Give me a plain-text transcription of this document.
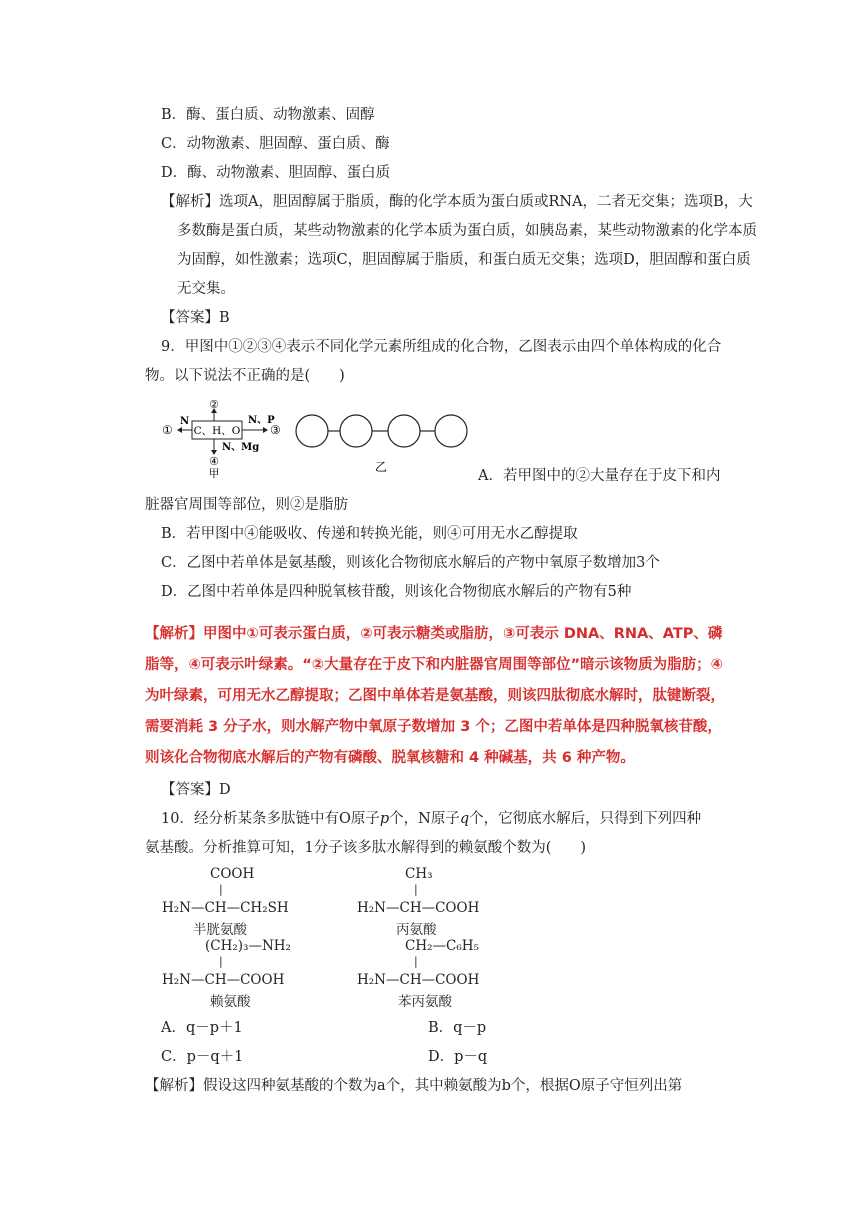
B．酶、蛋白质、动物激素、固醇
C．动物激素、胆固醇、蛋白质、酶
D．酶、动物激素、胆固醇、蛋白质
【解析】选项A，胆固醇属于脂质，酶的化学本质为蛋白质或RNA，二者无交集；选项B，大多数酶是蛋白质，某些动物激素的化学本质为蛋白质，如胰岛素，某些动物激素的化学本质为固醇，如性激素；选项C，胆固醇属于脂质，和蛋白质无交集；选项D，胆固醇和蛋白质无交集。
【答案】B
9．甲图中①②③④表示不同化学元素所组成的化合物，乙图表示由四个单体构成的化合物。以下说法不正确的是(　　)
C、H、O
②
N
①
N、P
③
N、Mg
④
甲	乙
A．若甲图中的②大量存在于皮下和内
脏器官周围等部位，则②是脂肪
B．若甲图中④能吸收、传递和转换光能，则④可用无水乙醇提取
C．乙图中若单体是氨基酸，则该化合物彻底水解后的产物中氧原子数增加3个
D．乙图中若单体是四种脱氧核苷酸，则该化合物彻底水解后的产物有5种
【解析】甲图中①可表示蛋白质，②可表示糖类或脂肪，③可表示 DNA、RNA、ATP、磷脂等，④可表示叶绿素。“②大量存在于皮下和内脏器官周围等部位”暗示该物质为脂肪；④为叶绿素，可用无水乙醇提取；乙图中单体若是氨基酸，则该四肽彻底水解时，肽键断裂，需要消耗 3 分子水，则水解产物中氧原子数增加 3 个；乙图中若单体是四种脱氧核苷酸，则该化合物彻底水解后的产物有磷酸、脱氧核糖和 4 种碱基，共 6 种产物。
【答案】D
10．经分析某条多肽链中有O原子p个，N原子q个，它彻底水解后，只得到下列四种
氨基酸。分析推算可知，1分子该多肽水解得到的赖氨酸个数为(　　)
COOH
|
H₂N—CH—CH₂SH
半胱氨酸
CH₃
|
H₂N—CH—COOH
丙氨酸
(CH₂)₃—NH₂
|
H₂N—CH—COOH
赖氨酸
CH₂—C₆H₅
|
H₂N—CH—COOH
苯丙氨酸
A．q－p＋1	B．q－p
C．p－q＋1	D．p－q
【解析】假设这四种氨基酸的个数为a个，其中赖氨酸为b个，根据O原子守恒列出第
